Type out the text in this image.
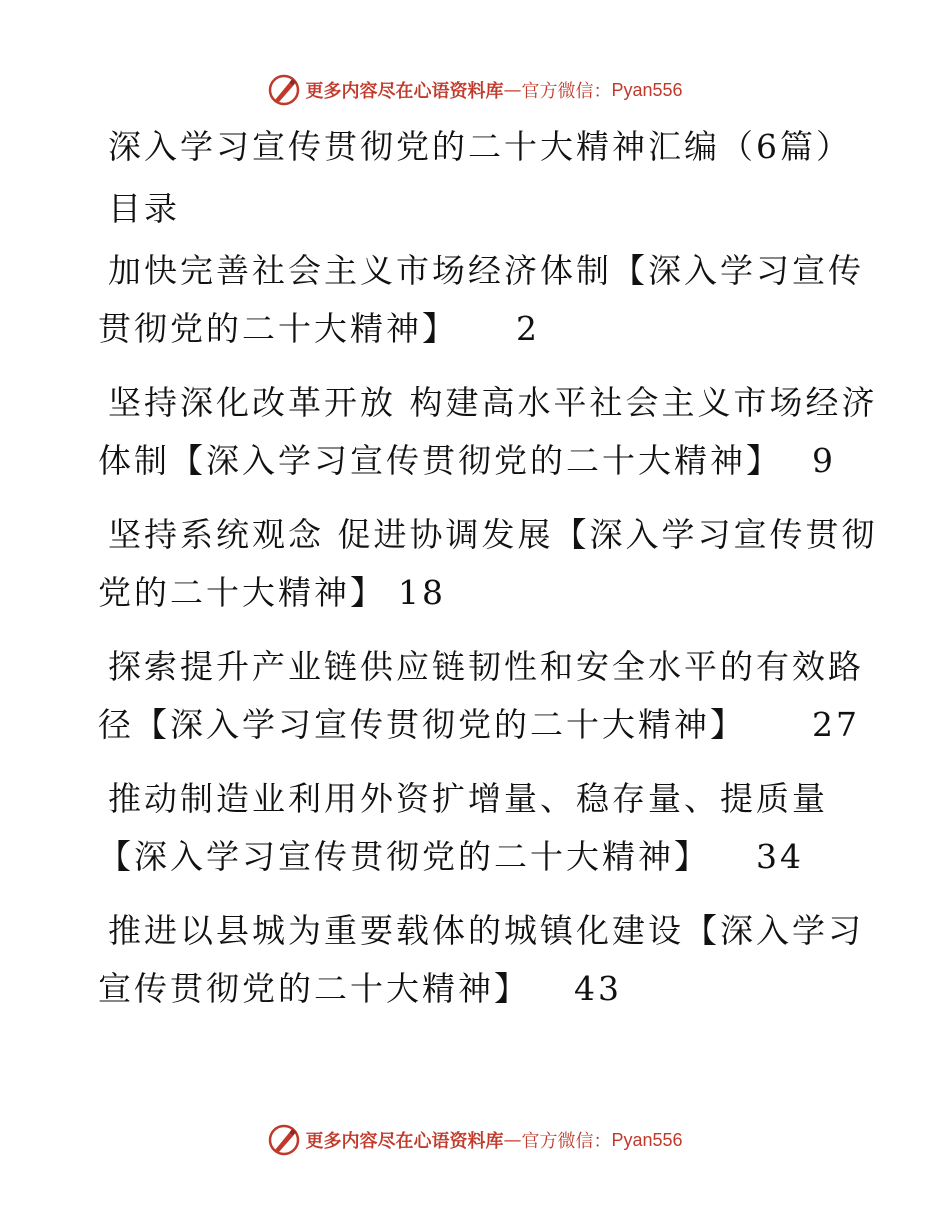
更多内容尽在心语资料库 — 官方微信： Pyan556
深入学习宣传贯彻党的二十大精神汇编（6篇）
目录
加快完善社会主义市场经济体制【深入学习宣传
贯彻党的二十大精神】 2
坚持深化改革开放 构建高水平社会主义市场经济
体制【深入学习宣传贯彻党的二十大精神】 9
坚持系统观念 促进协调发展【深入学习宣传贯彻
党的二十大精神】 18
探索提升产业链供应链韧性和安全水平的有效路
径【深入学习宣传贯彻党的二十大精神】 27
推动制造业利用外资扩增量、稳存量、提质量
【深入学习宣传贯彻党的二十大精神】 34
推进以县城为重要载体的城镇化建设【深入学习
宣传贯彻党的二十大精神】 43
更多内容尽在心语资料库 — 官方微信： Pyan556
